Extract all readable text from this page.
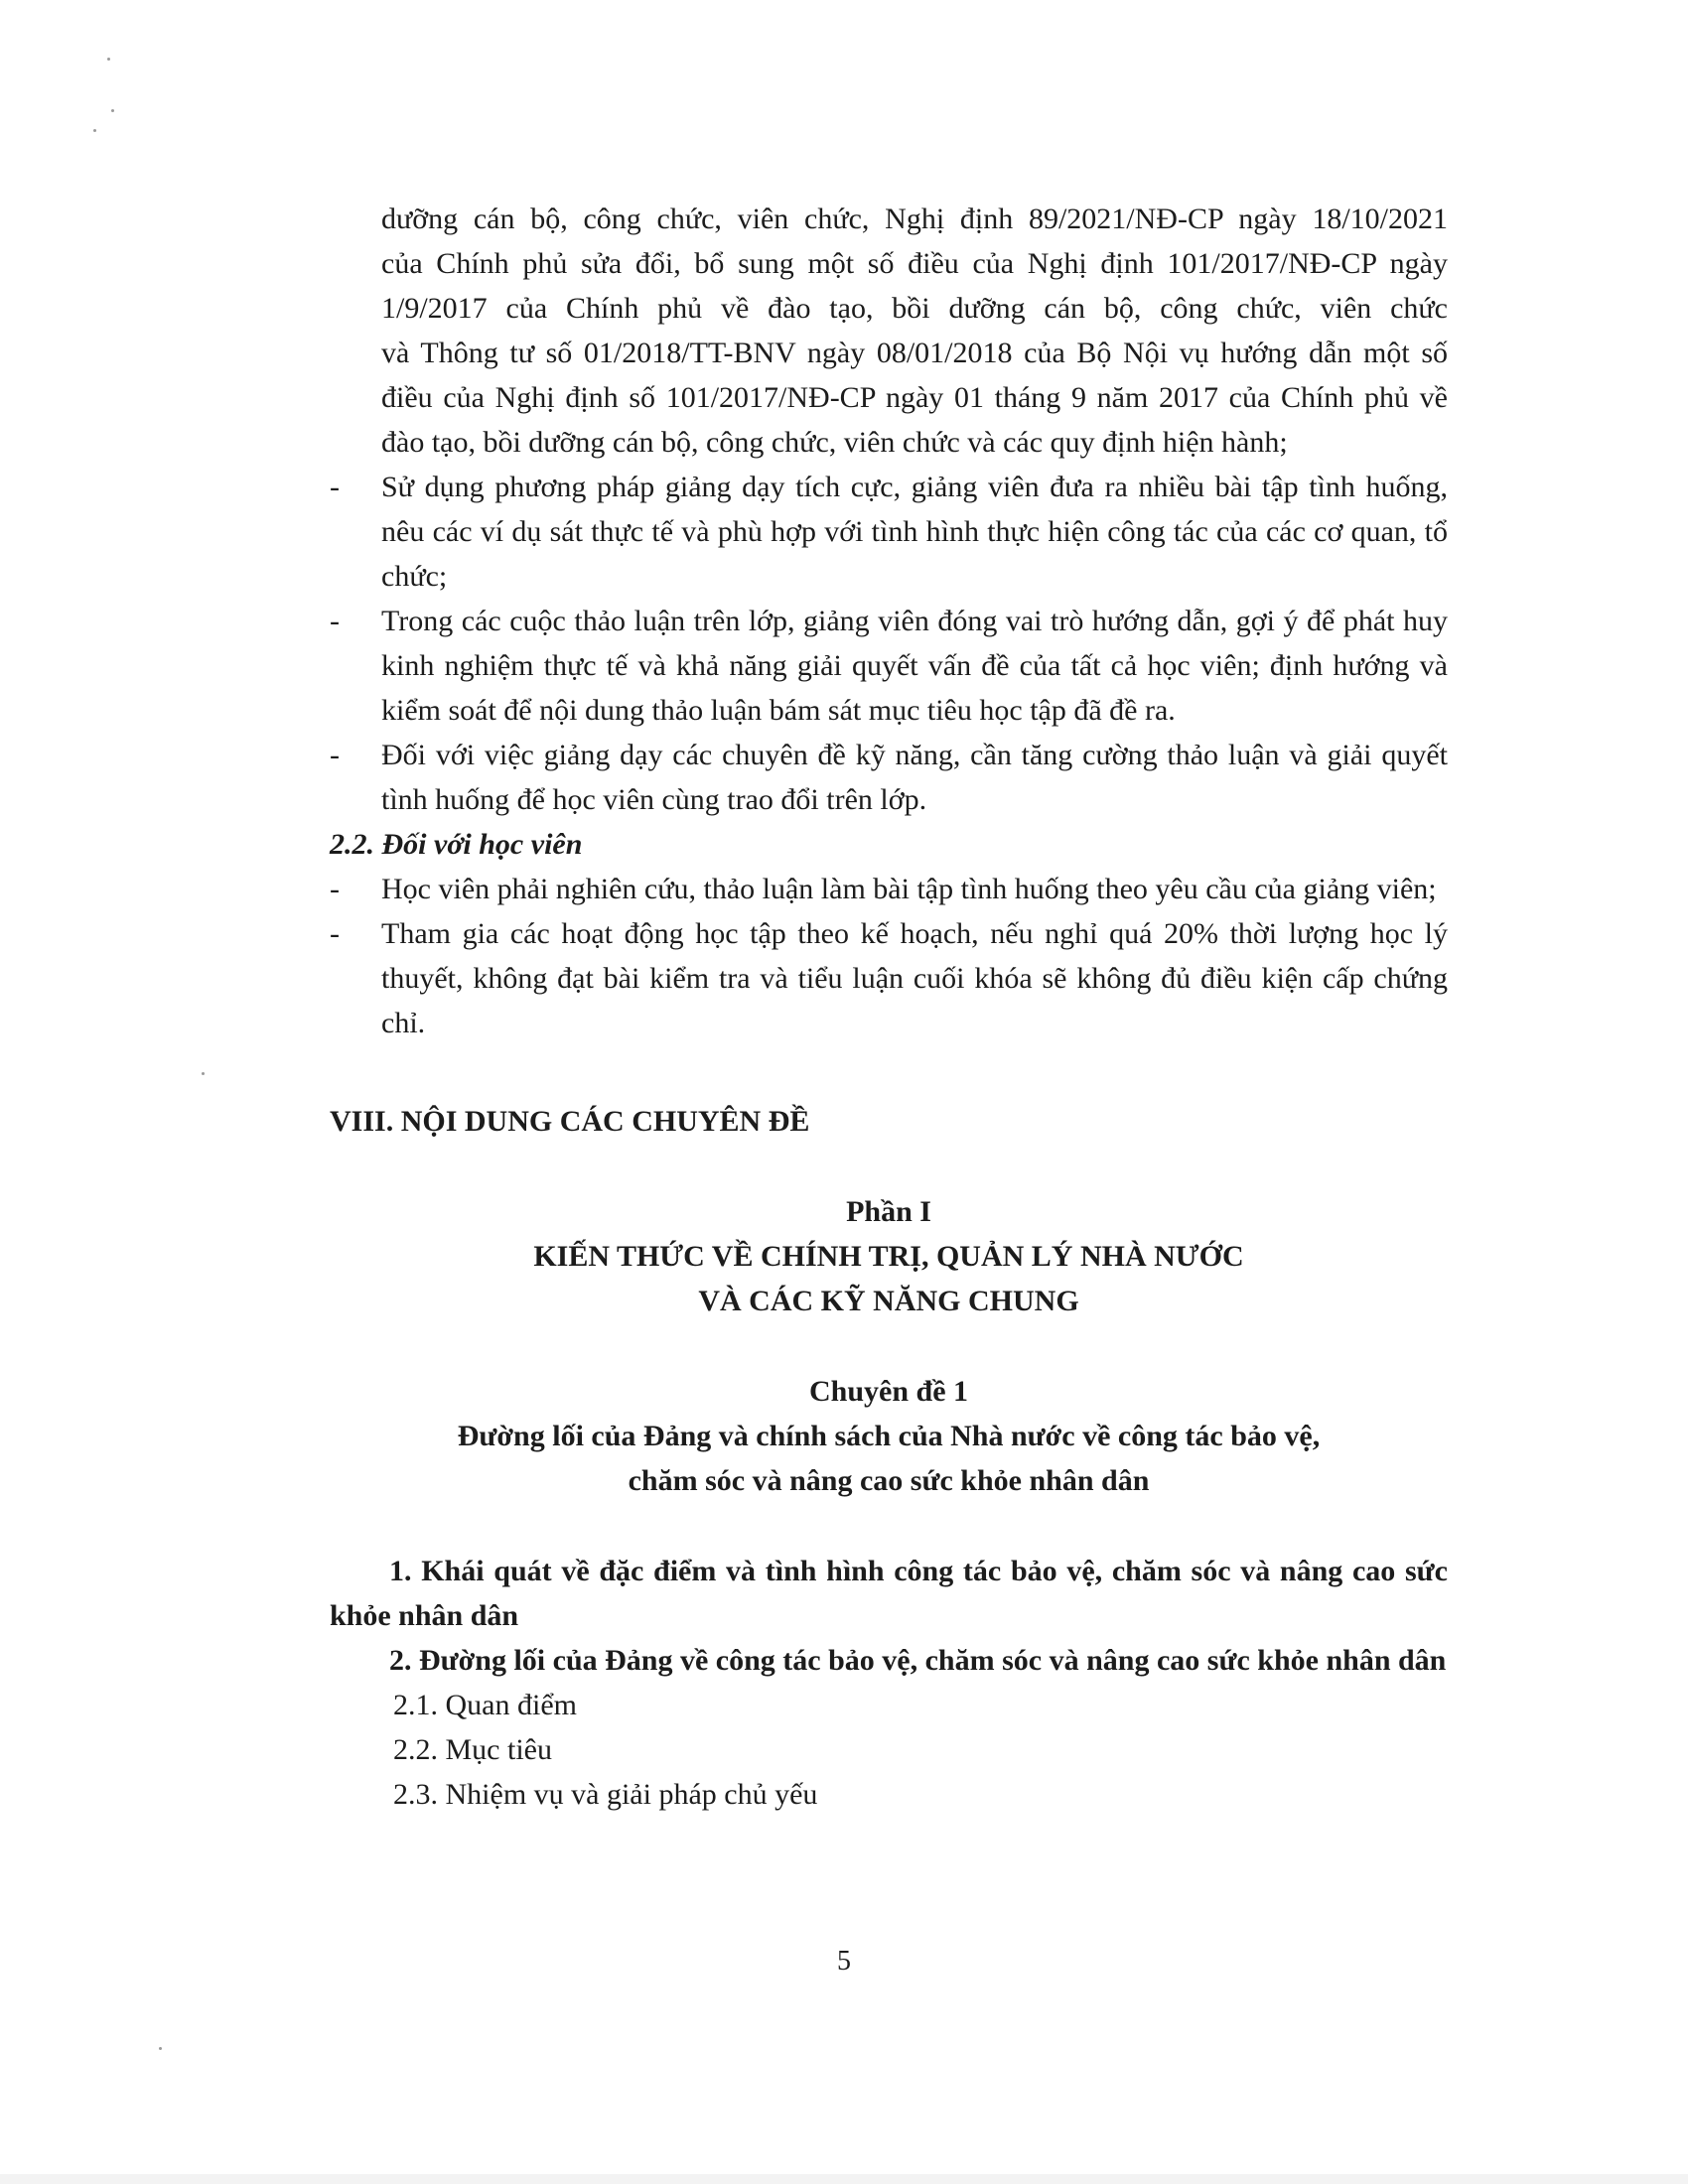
dưỡng cán bộ, công chức, viên chức, Nghị định 89/2021/NĐ-CP ngày 18/10/2021
của Chính phủ sửa đổi, bổ sung một số điều của Nghị định 101/2017/NĐ-CP ngày
1/9/2017 của Chính phủ về đào tạo, bồi dưỡng cán bộ, công chức, viên chức
và Thông tư số 01/2018/TT-BNV ngày 08/01/2018 của Bộ Nội vụ hướng dẫn một số
điều của Nghị định số 101/2017/NĐ-CP ngày 01 tháng 9 năm 2017 của Chính phủ về
đào tạo, bồi dưỡng cán bộ, công chức, viên chức và các quy định hiện hành;

- Sử dụng phương pháp giảng dạy tích cực, giảng viên đưa ra nhiều bài tập tình huống, nêu các ví dụ sát thực tế và phù hợp với tình hình thực hiện công tác của các cơ quan, tổ chức;

- Trong các cuộc thảo luận trên lớp, giảng viên đóng vai trò hướng dẫn, gợi ý để phát huy kinh nghiệm thực tế và khả năng giải quyết vấn đề của tất cả học viên; định hướng và kiểm soát để nội dung thảo luận bám sát mục tiêu học tập đã đề ra.

- Đối với việc giảng dạy các chuyên đề kỹ năng, cần tăng cường thảo luận và giải quyết tình huống để học viên cùng trao đổi trên lớp.

2.2. Đối với học viên

- Học viên phải nghiên cứu, thảo luận làm bài tập tình huống theo yêu cầu của giảng viên;

- Tham gia các hoạt động học tập theo kế hoạch, nếu nghỉ quá 20% thời lượng học lý thuyết, không đạt bài kiểm tra và tiểu luận cuối khóa sẽ không đủ điều kiện cấp chứng chỉ.

VIII. NỘI DUNG CÁC CHUYÊN ĐỀ

Phần I

KIẾN THỨC VỀ CHÍNH TRỊ, QUẢN LÝ NHÀ NƯỚC

VÀ CÁC KỸ NĂNG CHUNG

Chuyên đề 1

Đường lối của Đảng và chính sách của Nhà nước về công tác bảo vệ,

chăm sóc và nâng cao sức khỏe nhân dân

1. Khái quát về đặc điểm và tình hình công tác bảo vệ, chăm sóc và nâng cao sức khỏe nhân dân

2. Đường lối của Đảng về công tác bảo vệ, chăm sóc và nâng cao sức khỏe nhân dân

2.1. Quan điểm

2.2. Mục tiêu

2.3. Nhiệm vụ và giải pháp chủ yếu

5
